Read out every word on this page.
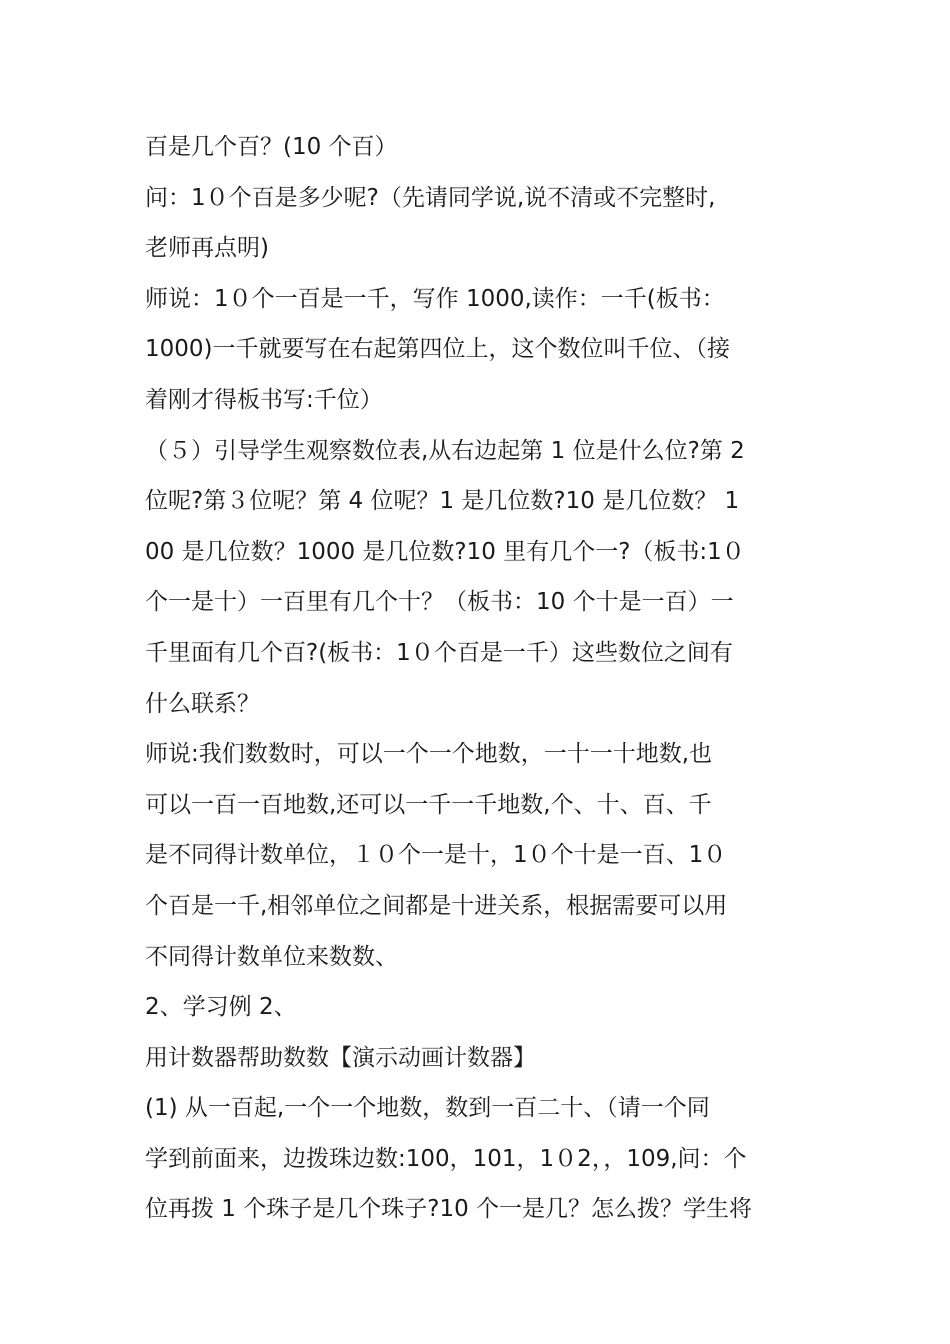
百是几个百？(10 个百）
问：1０个百是多少呢?（先请同学说,说不清或不完整时,
老师再点明)
师说：1０个一百是一千，写作 1000,读作：一千(板书：
1000)一千就要写在右起第四位上，这个数位叫千位、（接
着刚才得板书写:千位）
（５）引导学生观察数位表,从右边起第 1 位是什么位?第 2
位呢?第３位呢？第 4 位呢？1 是几位数?10 是几位数？ 1
00 是几位数？1000 是几位数?10 里有几个一?（板书:1０
个一是十）一百里有几个十？（板书：10 个十是一百）一
千里面有几个百?(板书：1０个百是一千）这些数位之间有
什么联系？
师说:我们数数时，可以一个一个地数，一十一十地数,也
可以一百一百地数,还可以一千一千地数,个、十、百、千
是不同得计数单位，１０个一是十，1０个十是一百、1０
个百是一千,相邻单位之间都是十进关系，根据需要可以用
不同得计数单位来数数、
2、学习例 2、
用计数器帮助数数【演示动画计数器】
(1) 从一百起,一个一个地数，数到一百二十、（请一个同
学到前面来，边拨珠边数:100，101，1０2，，109,问：个
位再拨 1 个珠子是几个珠子?10 个一是几？怎么拨？学生将
